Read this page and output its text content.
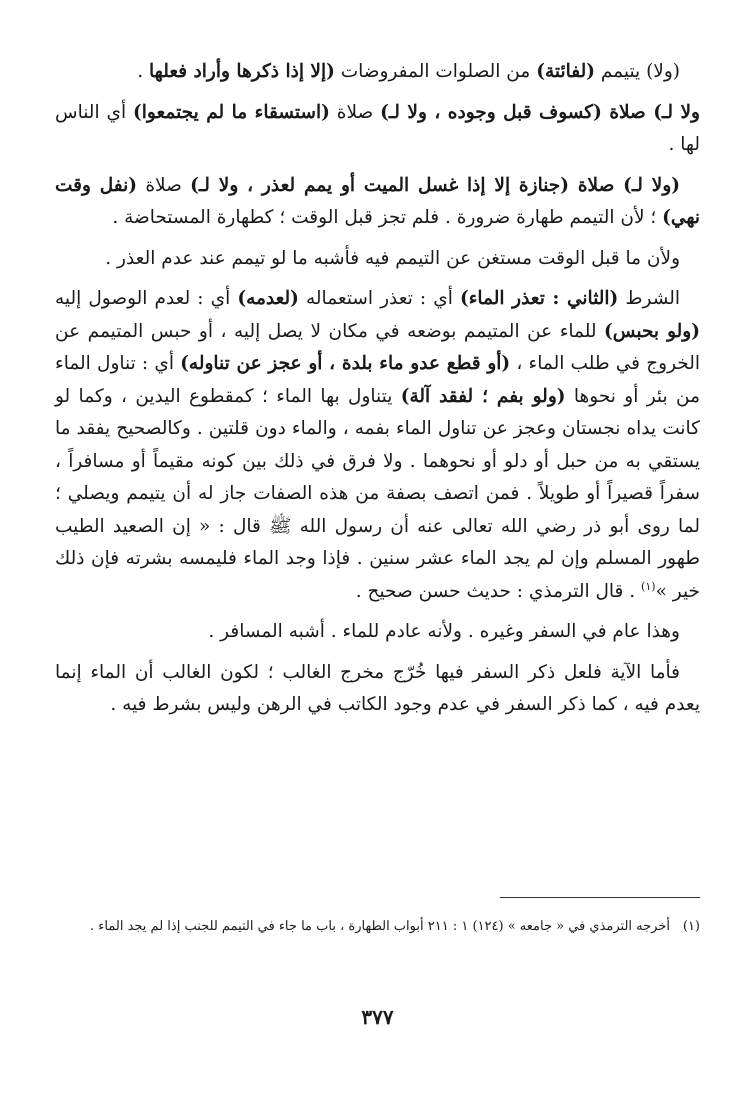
(ولا) يتيمم (لفائتة) من الصلوات المفروضات (إلا إذا ذكرها وأراد فعلها .

ولا لـ) صلاة (كسوف قبل وجوده ، ولا لـ) صلاة (استسقاء ما لم يجتمعوا) أي الناس لها .

(ولا لـ) صلاة (جنازة إلا إذا غسل الميت أو يمم لعذر ، ولا لـ) صلاة (نفل وقت نهي) ؛ لأن التيمم طهارة ضرورة . فلم تجز قبل الوقت ؛ كطهارة المستحاضة .

ولأن ما قبل الوقت مستغن عن التيمم فيه فأشبه ما لو تيمم عند عدم العذر .

الشرط (الثاني : تعذر الماء) أي : تعذر استعماله (لعدمه) أي : لعدم الوصول إليه (ولو بحبس) للماء عن المتيمم بوضعه في مكان لا يصل إليه ، أو حبس المتيمم عن الخروج في طلب الماء ، (أو قطع عدو ماء بلدة ، أو عجز عن تناوله) أي : تناول الماء من بئر أو نحوها (ولو بفم ؛ لفقد آلة) يتناول بها الماء ؛ كمقطوع اليدين ، وكما لو كانت يداه نجستان وعجز عن تناول الماء بفمه ، والماء دون قلتين . وكالصحيح يفقد ما يستقي به من حبل أو دلو أو نحوهما . ولا فرق في ذلك بين كونه مقيماً أو مسافراً ، سفراً قصيراً أو طويلاً . فمن اتصف بصفة من هذه الصفات جاز له أن يتيمم ويصلي ؛ لما روى أبو ذر رضي الله تعالى عنه أن رسول الله ﷺ قال : « إن الصعيد الطيب طهور المسلم وإن لم يجد الماء عشر سنين . فإذا وجد الماء فليمسه بشرته فإن ذلك خير »$^{(١)}$ . قال الترمذي : حديث حسن صحيح .

وهذا عام في السفر وغيره . ولأنه عادم للماء . أشبه المسافر .

فأما الآية فلعل ذكر السفر فيها خُرّج مخرج الغالب ؛ لكون الغالب أن الماء إنما يعدم فيه ، كما ذكر السفر في عدم وجود الكاتب في الرهن وليس بشرط فيه .

(١)أخرجه الترمذي في « جامعه » (١٢٤) ١ : ٢١١ أبواب الطهارة ، باب ما جاء في التيمم للجنب إذا لم يجد الماء .
٣٧٧
